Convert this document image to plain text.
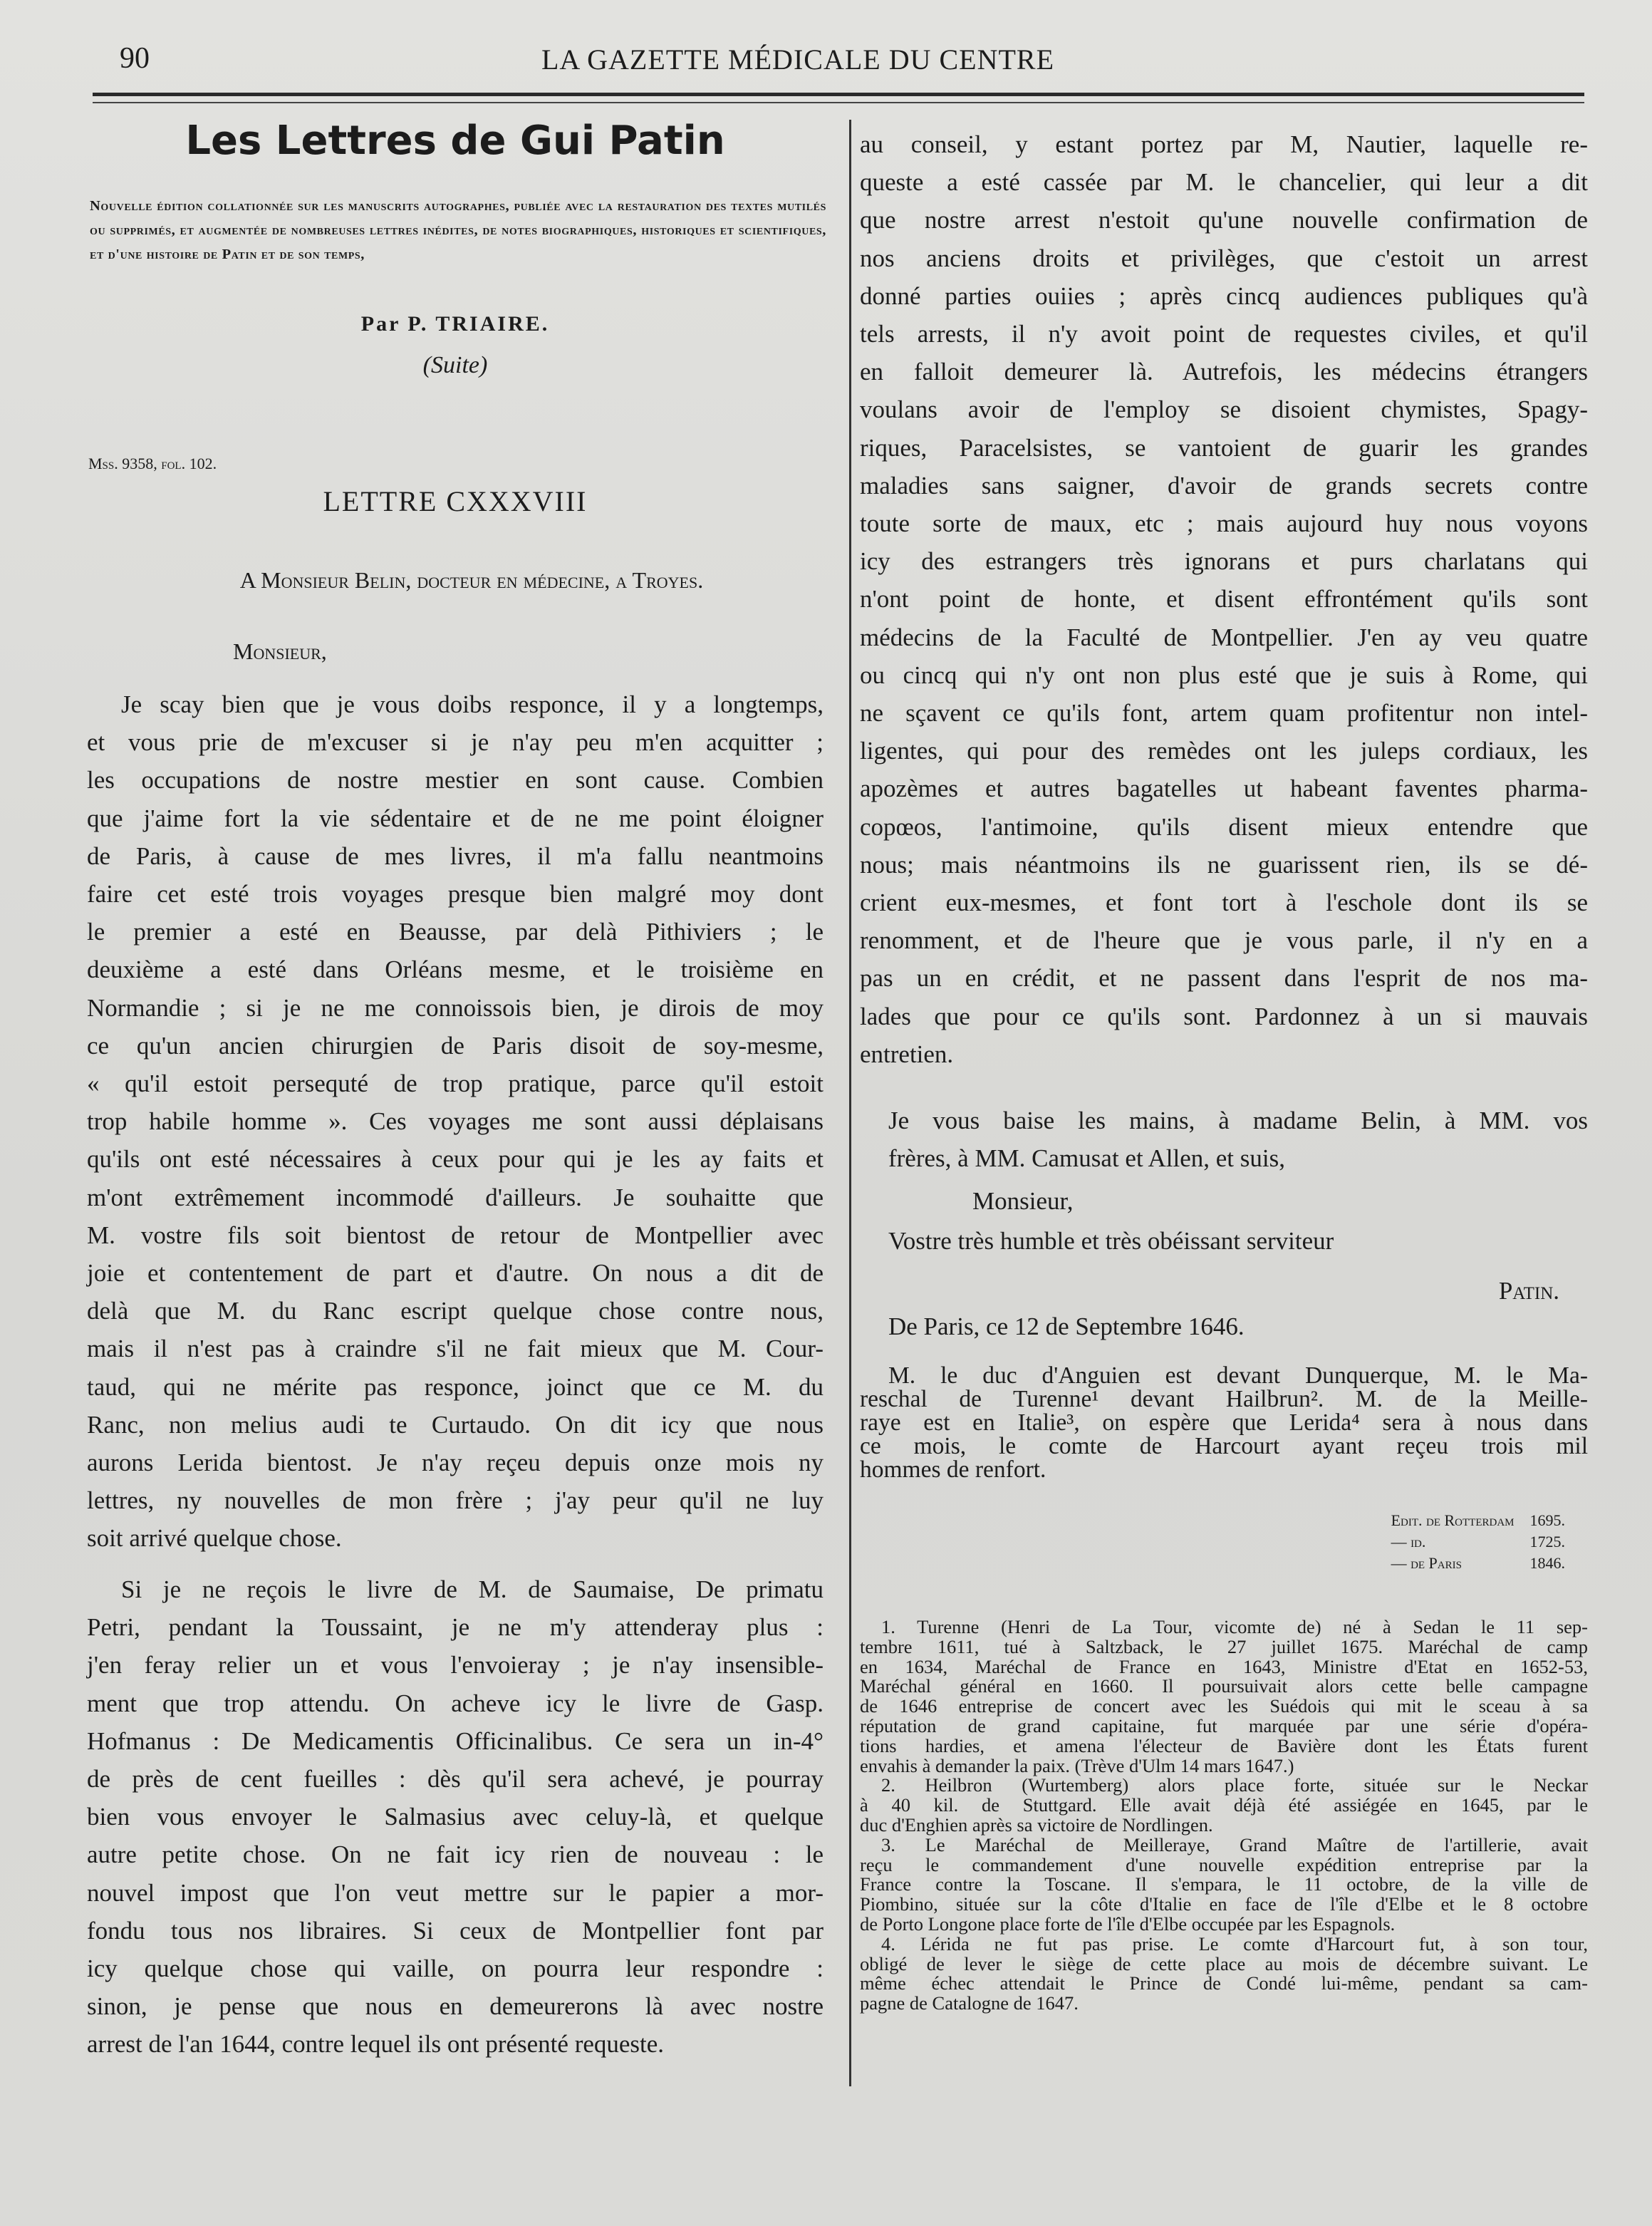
90	LA GAZETTE MÉDICALE DU CENTRE
Les Lettres de Gui Patin
Nouvelle édition collationnée sur les manuscrits autographes, publiée avec la restauration des textes mutilés ou supprimés, et augmentée de nombreuses lettres inédites, de notes biographiques, historiques et scientifiques, et d'une histoire de Patin et de son temps,
Par P. TRIAIRE.
(Suite)
Mss. 9358, fol. 102.
LETTRE CXXXVIII
A Monsieur Belin, docteur en médecine, a Troyes.
Monsieur,
Je scay bien que je vous doibs responce, il y a longtemps,
et vous prie de m'excuser si je n'ay peu m'en acquitter ;
les occupations de nostre mestier en sont cause. Combien
que j'aime fort la vie sédentaire et de ne me point éloigner
de Paris, à cause de mes livres, il m'a fallu neantmoins
faire cet esté trois voyages presque bien malgré moy dont
le premier a esté en Beausse, par delà Pithiviers ; le
deuxième a esté dans Orléans mesme, et le troisième en
Normandie ; si je ne me connoissois bien, je dirois de moy
ce qu'un ancien chirurgien de Paris disoit de soy-mesme,
« qu'il estoit persequté de trop pratique, parce qu'il estoit
trop habile homme ». Ces voyages me sont aussi déplaisans
qu'ils ont esté nécessaires à ceux pour qui je les ay faits et
m'ont extrêmement incommodé d'ailleurs. Je souhaitte que
M. vostre fils soit bientost de retour de Montpellier avec
joie et contentement de part et d'autre. On nous a dit de
delà que M. du Ranc escript quelque chose contre nous,
mais il n'est pas à craindre s'il ne fait mieux que M. Cour-
taud, qui ne mérite pas responce, joinct que ce M. du
Ranc, non melius audi te Curtaudo. On dit icy que nous
aurons Lerida bientost. Je n'ay reçeu depuis onze mois ny
lettres, ny nouvelles de mon frère ; j'ay peur qu'il ne luy
soit arrivé quelque chose.
Si je ne reçois le livre de M. de Saumaise, De primatu
Petri, pendant la Toussaint, je ne m'y attenderay plus :
j'en feray relier un et vous l'envoieray ; je n'ay insensible-
ment que trop attendu. On acheve icy le livre de Gasp.
Hofmanus : De Medicamentis Officinalibus. Ce sera un in-4°
de près de cent fueilles : dès qu'il sera achevé, je pourray
bien vous envoyer le Salmasius avec celuy-là, et quelque
autre petite chose. On ne fait icy rien de nouveau : le
nouvel impost que l'on veut mettre sur le papier a mor-
fondu tous nos libraires. Si ceux de Montpellier font par
icy quelque chose qui vaille, on pourra leur respondre :
sinon, je pense que nous en demeurerons là avec nostre
arrest de l'an 1644, contre lequel ils ont présenté requeste.
au conseil, y estant portez par M, Nautier, laquelle re-
queste a esté cassée par M. le chancelier, qui leur a dit
que nostre arrest n'estoit qu'une nouvelle confirmation de
nos anciens droits et privilèges, que c'estoit un arrest
donné parties ouiies ; après cincq audiences publiques qu'à
tels arrests, il n'y avoit point de requestes civiles, et qu'il
en falloit demeurer là. Autrefois, les médecins étrangers
voulans avoir de l'employ se disoient chymistes, Spagy-
riques, Paracelsistes, se vantoient de guarir les grandes
maladies sans saigner, d'avoir de grands secrets contre
toute sorte de maux, etc ; mais aujourd huy nous voyons
icy des estrangers très ignorans et purs charlatans qui
n'ont point de honte, et disent effrontément qu'ils sont
médecins de la Faculté de Montpellier. J'en ay veu quatre
ou cincq qui n'y ont non plus esté que je suis à Rome, qui
ne sçavent ce qu'ils font, artem quam profitentur non intel-
ligentes, qui pour des remèdes ont les juleps cordiaux, les
apozèmes et autres bagatelles ut habeant faventes pharma-
copœos, l'antimoine, qu'ils disent mieux entendre que
nous; mais néantmoins ils ne guarissent rien, ils se dé-
crient eux-mesmes, et font tort à l'eschole dont ils se
renomment, et de l'heure que je vous parle, il n'y en a
pas un en crédit, et ne passent dans l'esprit de nos ma-
lades que pour ce qu'ils sont. Pardonnez à un si mauvais
entretien.
Je vous baise les mains, à madame Belin, à MM. vos
frères, à MM. Camusat et Allen, et suis,
Monsieur,
Vostre très humble et très obéissant serviteur
Patin.
De Paris, ce 12 de Septembre 1646.
M. le duc d'Anguien est devant Dunquerque, M. le Ma-
reschal de Turenne¹ devant Hailbrun². M. de la Meille-
raye est en Italie³, on espère que Lerida⁴ sera à nous dans
ce mois, le comte de Harcourt ayant reçeu trois mil
hommes de renfort.
Edit. de Rotterdam	1695.
— id.	1725.
— de Paris	1846.
1. Turenne (Henri de La Tour, vicomte de) né à Sedan le 11 sep-
tembre 1611, tué à Saltzback, le 27 juillet 1675. Maréchal de camp
en 1634, Maréchal de France en 1643, Ministre d'Etat en 1652-53,
Maréchal général en 1660. Il poursuivait alors cette belle campagne
de 1646 entreprise de concert avec les Suédois qui mit le sceau à sa
réputation de grand capitaine, fut marquée par une série d'opéra-
tions hardies, et amena l'électeur de Bavière dont les États furent
envahis à demander la paix. (Trève d'Ulm 14 mars 1647.)
2. Heilbron (Wurtemberg) alors place forte, située sur le Neckar
à 40 kil. de Stuttgard. Elle avait déjà été assiégée en 1645, par le
duc d'Enghien après sa victoire de Nordlingen.
3. Le Maréchal de Meilleraye, Grand Maître de l'artillerie, avait
reçu le commandement d'une nouvelle expédition entreprise par la
France contre la Toscane. Il s'empara, le 11 octobre, de la ville de
Piombino, située sur la côte d'Italie en face de l'île d'Elbe et le 8 octobre
de Porto Longone place forte de l'île d'Elbe occupée par les Espagnols.
4. Lérida ne fut pas prise. Le comte d'Harcourt fut, à son tour,
obligé de lever le siège de cette place au mois de décembre suivant. Le
même échec attendait le Prince de Condé lui-même, pendant sa cam-
pagne de Catalogne de 1647.
